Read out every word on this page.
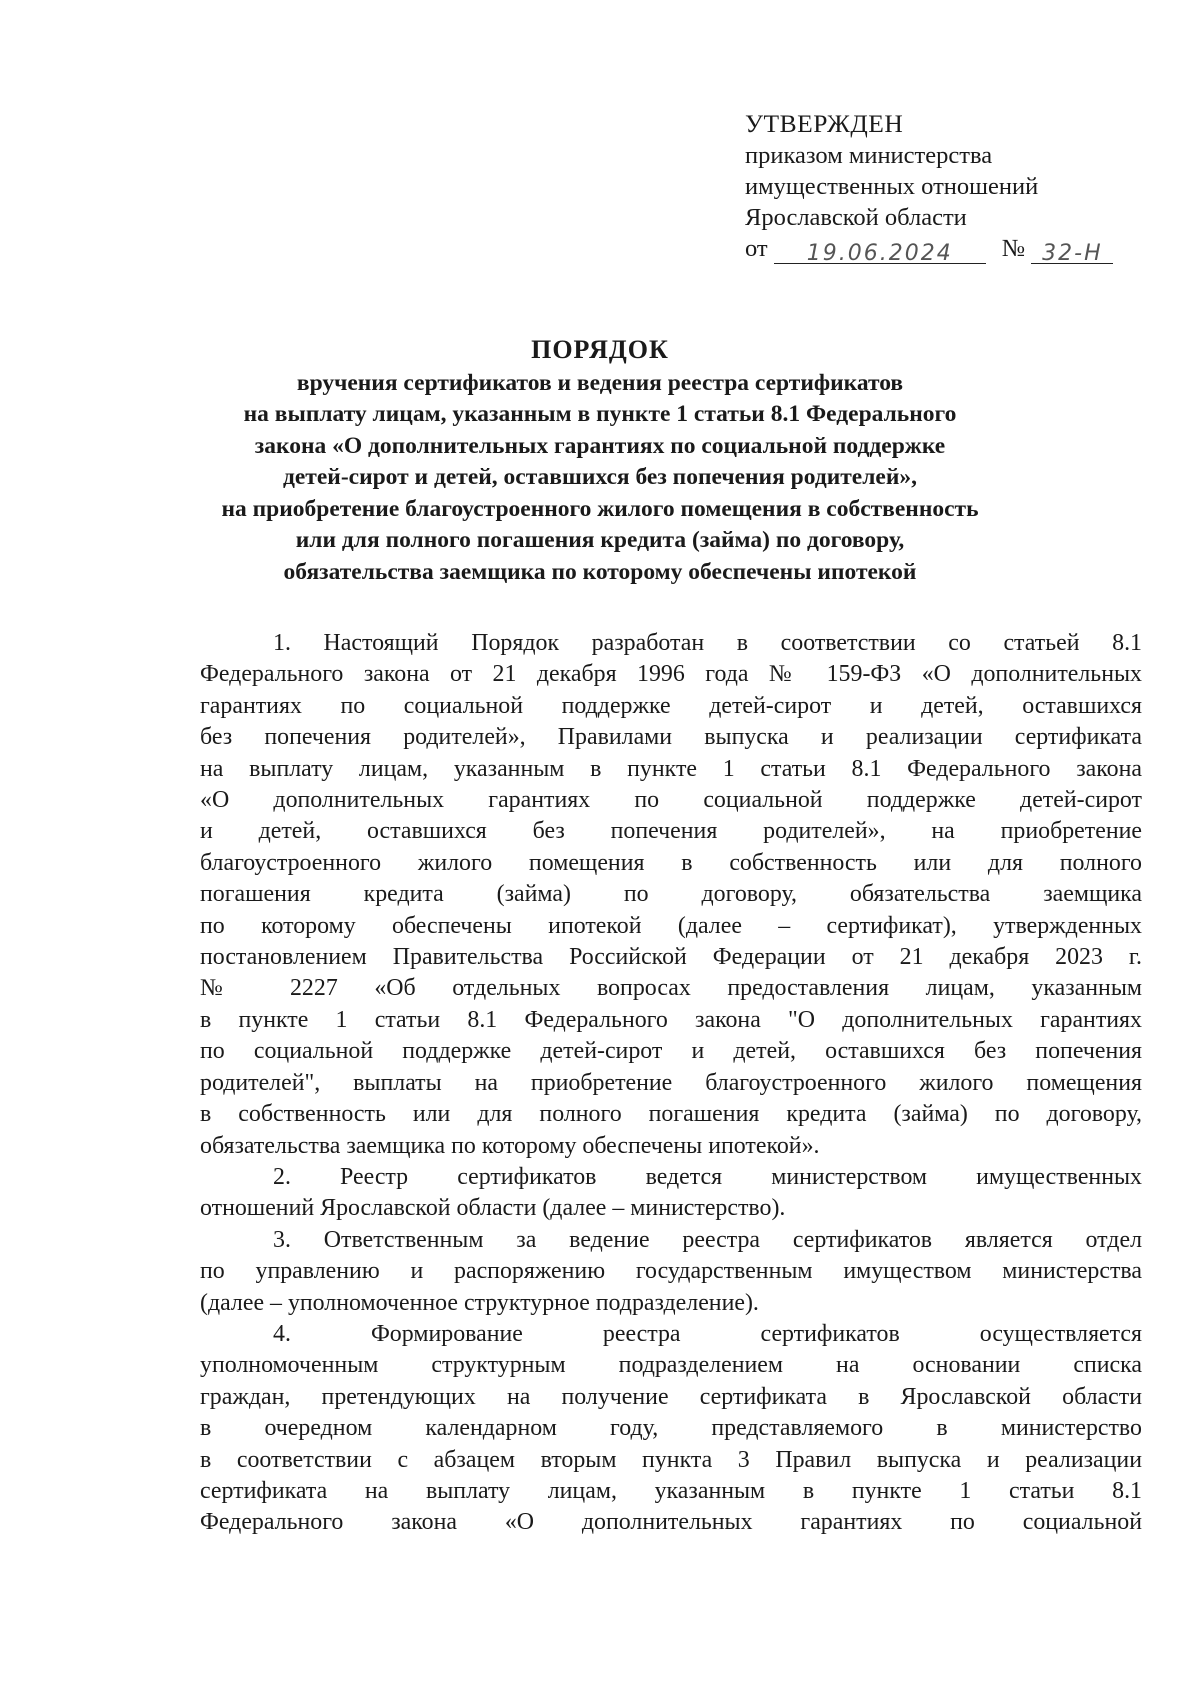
УТВЕРЖДЕН
приказом министерства
имущественных отношений
Ярославской области
от 19.06.2024 № 32-Н
ПОРЯДОК
вручения сертификатов и ведения реестра сертификатов
на выплату лицам, указанным в пункте 1 статьи 8.1 Федерального
закона «О дополнительных гарантиях по социальной поддержке
детей-сирот и детей, оставшихся без попечения родителей»,
на приобретение благоустроенного жилого помещения в собственность
или для полного погашения кредита (займа) по договору,
обязательства заемщика по которому обеспечены ипотекой

1. Настоящий Порядок разработан в соответствии со статьей 8.1
Федерального закона от 21 декабря 1996 года № 159-ФЗ «О дополнительных
гарантиях по социальной поддержке детей-сирот и детей, оставшихся
без попечения родителей», Правилами выпуска и реализации сертификата
на выплату лицам, указанным в пункте 1 статьи 8.1 Федерального закона
«О дополнительных гарантиях по социальной поддержке детей-сирот
и детей, оставшихся без попечения родителей», на приобретение
благоустроенного жилого помещения в собственность или для полного
погашения кредита (займа) по договору, обязательства заемщика
по которому обеспечены ипотекой (далее – сертификат), утвержденных
постановлением Правительства Российской Федерации от 21 декабря 2023 г.
№ 2227 «Об отдельных вопросах предоставления лицам, указанным
в пункте 1 статьи 8.1 Федерального закона "О дополнительных гарантиях
по социальной поддержке детей-сирот и детей, оставшихся без попечения
родителей", выплаты на приобретение благоустроенного жилого помещения
в собственность или для полного погашения кредита (займа) по договору,
обязательства заемщика по которому обеспечены ипотекой».

2. Реестр сертификатов ведется министерством имущественных
отношений Ярославской области (далее – министерство).

3. Ответственным за ведение реестра сертификатов является отдел
по управлению и распоряжению государственным имуществом министерства
(далее – уполномоченное структурное подразделение).

4. Формирование реестра сертификатов осуществляется
уполномоченным структурным подразделением на основании списка
граждан, претендующих на получение сертификата в Ярославской области
в очередном календарном году, представляемого в министерство
в соответствии с абзацем вторым пункта 3 Правил выпуска и реализации
сертификата на выплату лицам, указанным в пункте 1 статьи 8.1
Федерального закона «О дополнительных гарантиях по социальной
